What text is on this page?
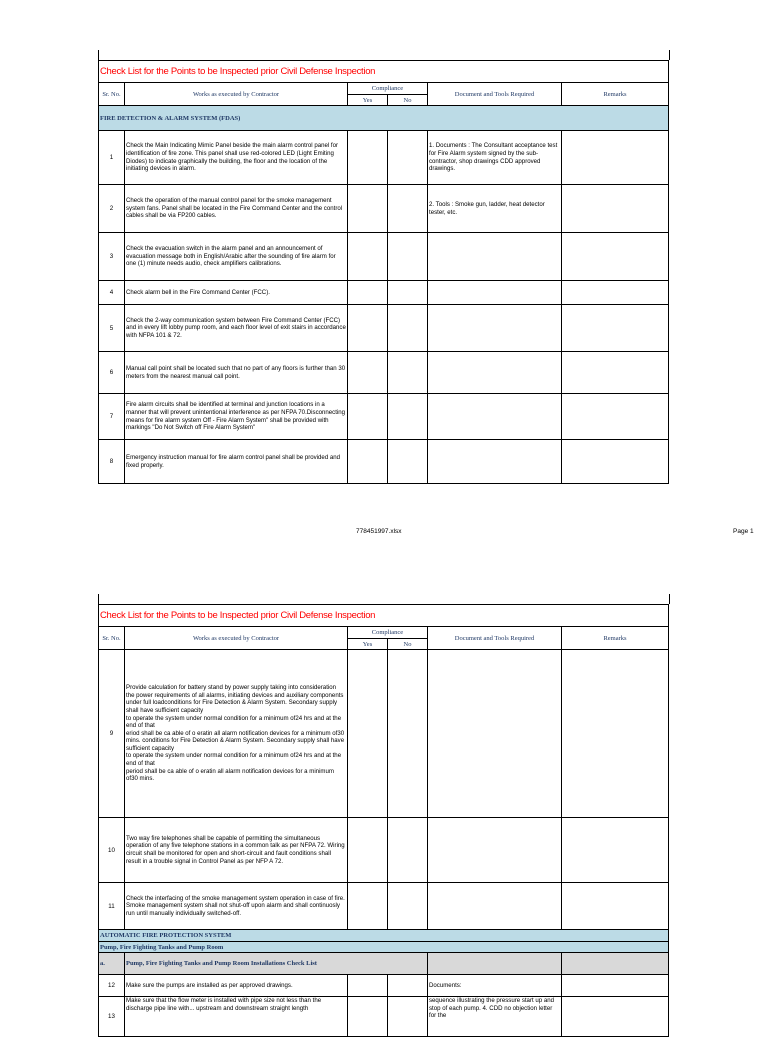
Check List for the Points to be Inspected prior Civil Defense Inspection					
Sr. No.	Works as executed by Contractor	Compliance		Document and Tools Required	Remarks
		Yes	No		
FIRE DETECTION & ALARM SYSTEM (FDAS)					
1	Check the Main Indicating Mimic Panel beside the main alarm control panel for identification of fire zone. This panel shall use red-colored LED (Light Emiting Diodes) to indicate graphically the building, the floor and the location of the initiating devices in alarm.			1. Documents : The Consultant acceptance test for Fire Alarm system signed by the sub-contractor, shop drawings CDD approved drawings.	
2	Check the operation of the manual control panel for the smoke management system fans. Panel shall be located in the Fire Command Center and the control cables shall be via FP200 cables.			2. Tools : Smoke gun, ladder, heat detector tester, etc.	
3	Check the evacuation switch in the alarm panel and an announcement of evacuation message both in English/Arabic after the sounding of fire alarm for one (1) minute needs audio, check amplifiers calibrations.				
4	Check alarm bell in the Fire Command Center (FCC).				
5	Check the 2-way communication system between Fire Command Center (FCC) and in every lift lobby pump room, and each floor level of exit stairs in accordance with NFPA 101 & 72.				
6	Manual call point shall be located such that no part of any floors is further than 30 meters from the nearest manual call point.				
7	Fire alarm circuits shall be identified at terminal and junction locations in a manner that will prevent unintentional interference as per NFPA 70.Disconnecting means for fire alarm system Off - Fire Alarm System" shall be provided with markings "Do Not Switch off Fire Alarm System"				
8	Emergency instruction manual for fire alarm control panel shall be provided and fixed properly.				
778451997.xlsx	Page 1
Check List for the Points to be Inspected prior Civil Defense Inspection					
Sr. No.	Works as executed by Contractor	Compliance		Document and Tools Required	Remarks
		Yes	No		
9	Provide calculation for battery stand by power supply taking into consideration the power requirements of all alarms, initiating devices and auxiliary components under full loadconditions for Fire Detection & Alarm System. Secondary supply shall have sufficient capacity
to operate the system under normal condition for a minimum of24 hrs and at the end of that
eriod shall be ca able of o eratin all alarm notification devices for a minimum of30 mins. conditions for Fire Detection & Alarm System. Secondary supply shall have sufficient capacity
to operate the system under normal condition for a minimum of24 hrs and at the end of that
period shall be ca able of o eratin all alarm notification devices for a minimum of30 mins.				
10	Two way fire telephones shall be capable of permitting the simultaneous operation of any five telephone stations in a common talk as per NFPA 72. Wiring circuit shall be monitored for open and short-circuit and fault conditions shall result in a trouble signal in Control Panel as per NFP A 72.				
11	Check the interfacing of the smoke management system operation in case of fire. Smoke management system shall not shut-off upon alarm and shall continuosly run until manually individually switched-off.				
AUTOMATIC FIRE PROTECTION SYSTEM					
Pump, Fire Fighting Tanks and Pump Room					
a.	Pump, Fire Fighting Tanks and Pump Room Installations Check List				
12	Make sure the pumps are installed as per approved drawings.			Documents:	
13	Make sure that the flow meter is installed with pipe size not less than the discharge pipe line with... upstream and downstream straight length			sequence illustrating the pressure start up and stop of each pump. 4. CDD no objection letter for the	
